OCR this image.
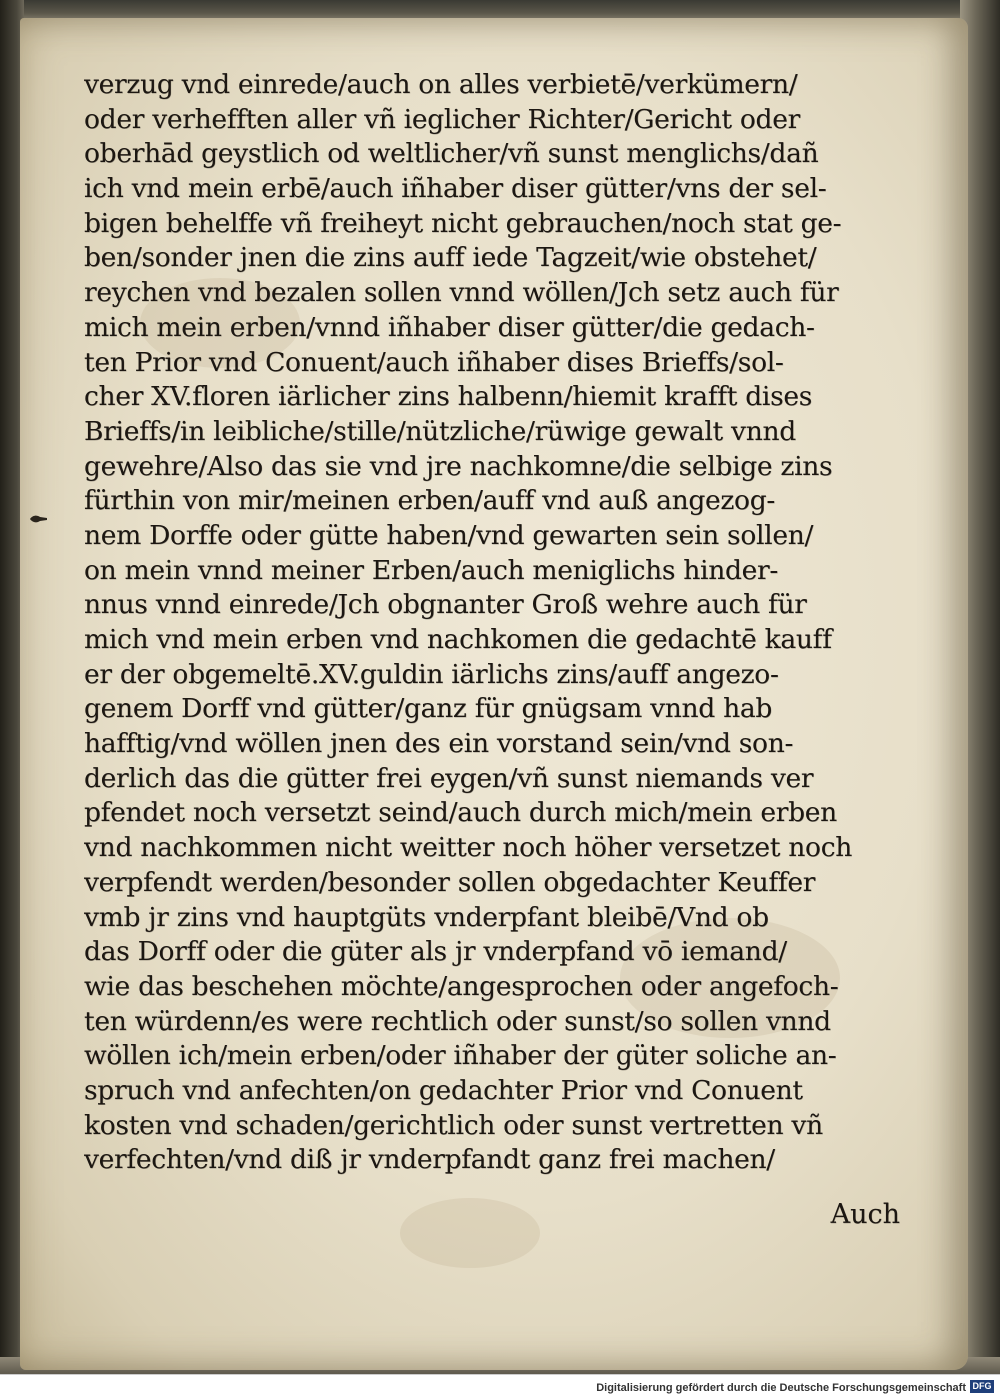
verzug vnd einrede/auch on alles verbietē/verkümern/
oder verhefften aller vñ ieglicher Richter/Gericht oder
oberhād geystlich od weltlicher/vñ sunst menglichs/dañ
ich vnd mein erbē/auch iñhaber diser gütter/vns der sel-
bigen behelffe vñ freiheyt nicht gebrauchen/noch stat ge-
ben/sonder jnen die zins auff iede Tagzeit/wie obstehet/
reychen vnd bezalen sollen vnnd wöllen/Jch setz auch für
mich mein erben/vnnd iñhaber diser gütter/die gedach-
ten Prior vnd Conuent/auch iñhaber dises Brieffs/sol-
cher XV.floren iärlicher zins halbenn/hiemit krafft dises
Brieffs/in leibliche/stille/nützliche/rüwige gewalt vnnd
gewehre/Also das sie vnd jre nachkomne/die selbige zins
fürthin von mir/meinen erben/auff vnd auß angezog-
nem Dorffe oder gütte haben/vnd gewarten sein sollen/
on mein vnnd meiner Erben/auch meniglichs hinder-
nnus vnnd einrede/Jch obgnanter Groß wehre auch für
mich vnd mein erben vnd nachkomen die gedachtē kauff
er der obgemeltē.XV.guldin iärlichs zins/auff angezo-
genem Dorff vnd gütter/ganz für gnügsam vnnd hab
hafftig/vnd wöllen jnen des ein vorstand sein/vnd son-
derlich das die gütter frei eygen/vñ sunst niemands ver
pfendet noch versetzt seind/auch durch mich/mein erben
vnd nachkommen nicht weitter noch höher versetzet noch
verpfendt werden/besonder sollen obgedachter Keuffer
vmb jr zins vnd hauptgüts vnderpfant bleibē/Vnd ob
das Dorff oder die güter als jr vnderpfand vō iemand/
wie das beschehen möchte/angesprochen oder angefoch-
ten würdenn/es were rechtlich oder sunst/so sollen vnnd
wöllen ich/mein erben/oder iñhaber der güter soliche an-
spruch vnd anfechten/on gedachter Prior vnd Conuent
kosten vnd schaden/gerichtlich oder sunst vertretten vñ
verfechten/vnd diß jr vnderpfandt ganz frei machen/
Auch
Digitalisierung gefördert durch die Deutsche Forschungsgemeinschaft DFG
